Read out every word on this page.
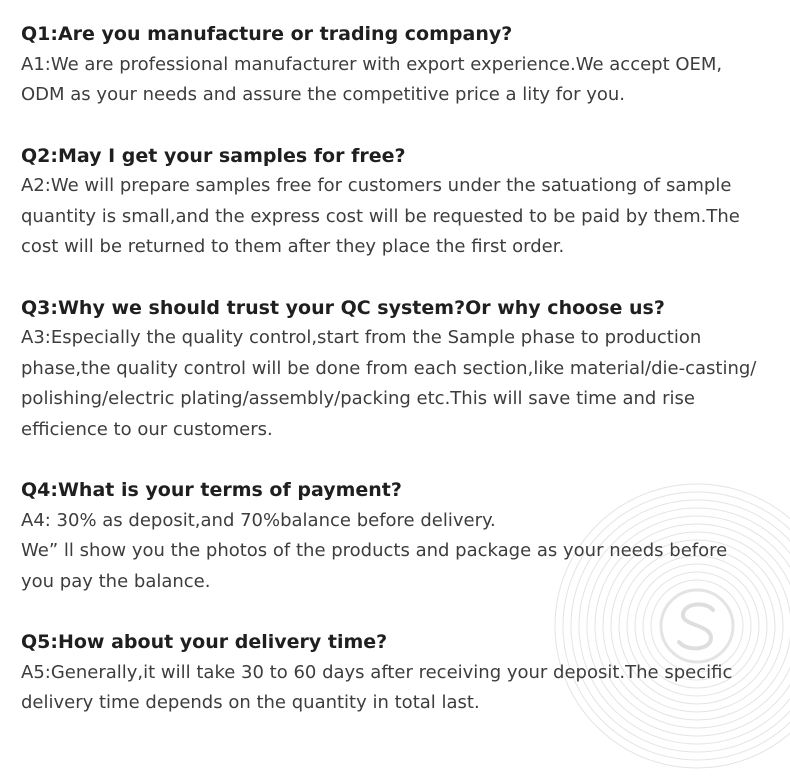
Q1:Are you manufacture or trading company?

A1:We are professional manufacturer with export experience.We accept OEM,

ODM as your needs and assure the competitive price a lity for you.

Q2:May I get your samples for free?

A2:We will prepare samples free for customers under the satuationg of sample

quantity is small,and the express cost will be requested to be paid by them.The

cost will be returned to them after they place the first order.

Q3:Why we should trust your QC system?Or why choose us?

A3:Especially the quality control,start from the Sample phase to production

phase,the quality control will be done from each section,like material/die-casting/

polishing/electric plating/assembly/packing etc.This will save time and rise

efficience to our customers.

Q4:What is your terms of payment?

A4: 30% as deposit,and 70%balance before delivery.

We” ll show you the photos of the products and package as your needs before

you pay the balance.

Q5:How about your delivery time?

A5:Generally,it will take 30 to 60 days after receiving your deposit.The specific

delivery time depends on the quantity in total last.
